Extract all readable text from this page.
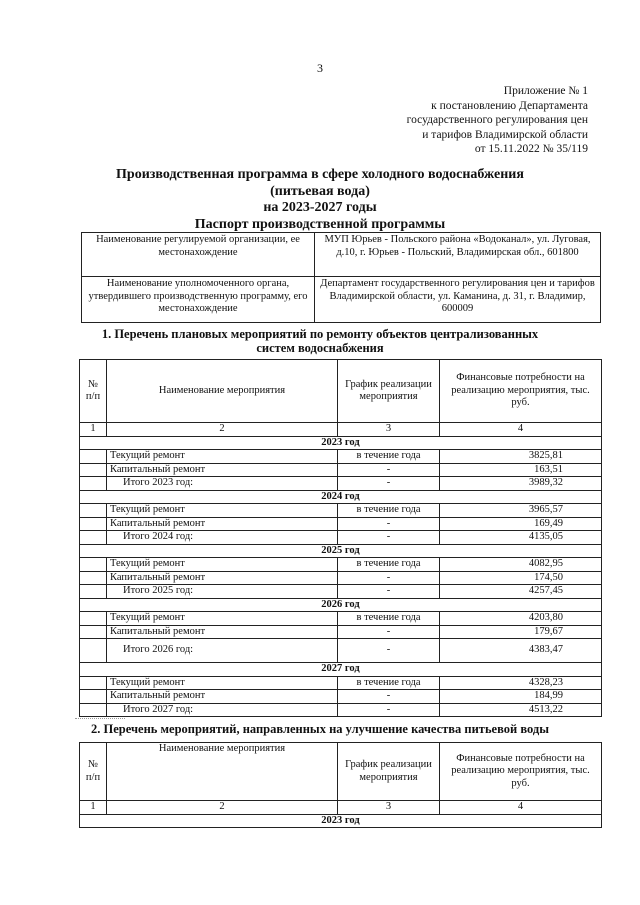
3
Приложение № 1
к постановлению Департамента
государственного регулирования цен
и тарифов Владимирской области
от 15.11.2022 № 35/119
Производственная программа в сфере холодного водоснабжения
(питьевая вода)
на 2023-2027 годы
Паспорт производственной программы
Наименование регулируемой организации, ее местонахождение	МУП Юрьев - Польского района «Водоканал», ул. Луговая, д.10, г. Юрьев - Польский, Владимирская обл., 601800
Наименование уполномоченного органа, утвердившего производственную программу, его местонахождение	Департамент государственного регулирования цен и тарифов Владимирской области, ул. Каманина, д. 31, г. Владимир, 600009
1. Перечень плановых мероприятий по ремонту объектов централизованных
систем водоснабжения
№ п/п	Наименование мероприятия	График реализации мероприятия	Финансовые потребности на реализацию мероприятия, тыс. руб.
1	2	3	4
2023 год			
	Текущий ремонт	в течение года	3825,81
	Капитальный ремонт	-	163,51
	Итого 2023 год:	-	3989,32
2024 год			
	Текущий ремонт	в течение года	3965,57
	Капитальный ремонт	-	169,49
	Итого 2024 год:	-	4135,05
2025 год			
	Текущий ремонт	в течение года	4082,95
	Капитальный ремонт	-	174,50
	Итого 2025 год:	-	4257,45
2026 год			
	Текущий ремонт	в течение года	4203,80
	Капитальный ремонт	-	179,67
	Итого 2026 год:	-	4383,47
2027 год			
	Текущий ремонт	в течение года	4328,23
	Капитальный ремонт	-	184,99
	Итого 2027 год:	-	4513,22
2. Перечень мероприятий, направленных на улучшение качества питьевой воды
№ п/п	Наименование мероприятия	График реализации мероприятия	Финансовые потребности на реализацию мероприятия, тыс. руб.
1	2	3	4
2023 год			
